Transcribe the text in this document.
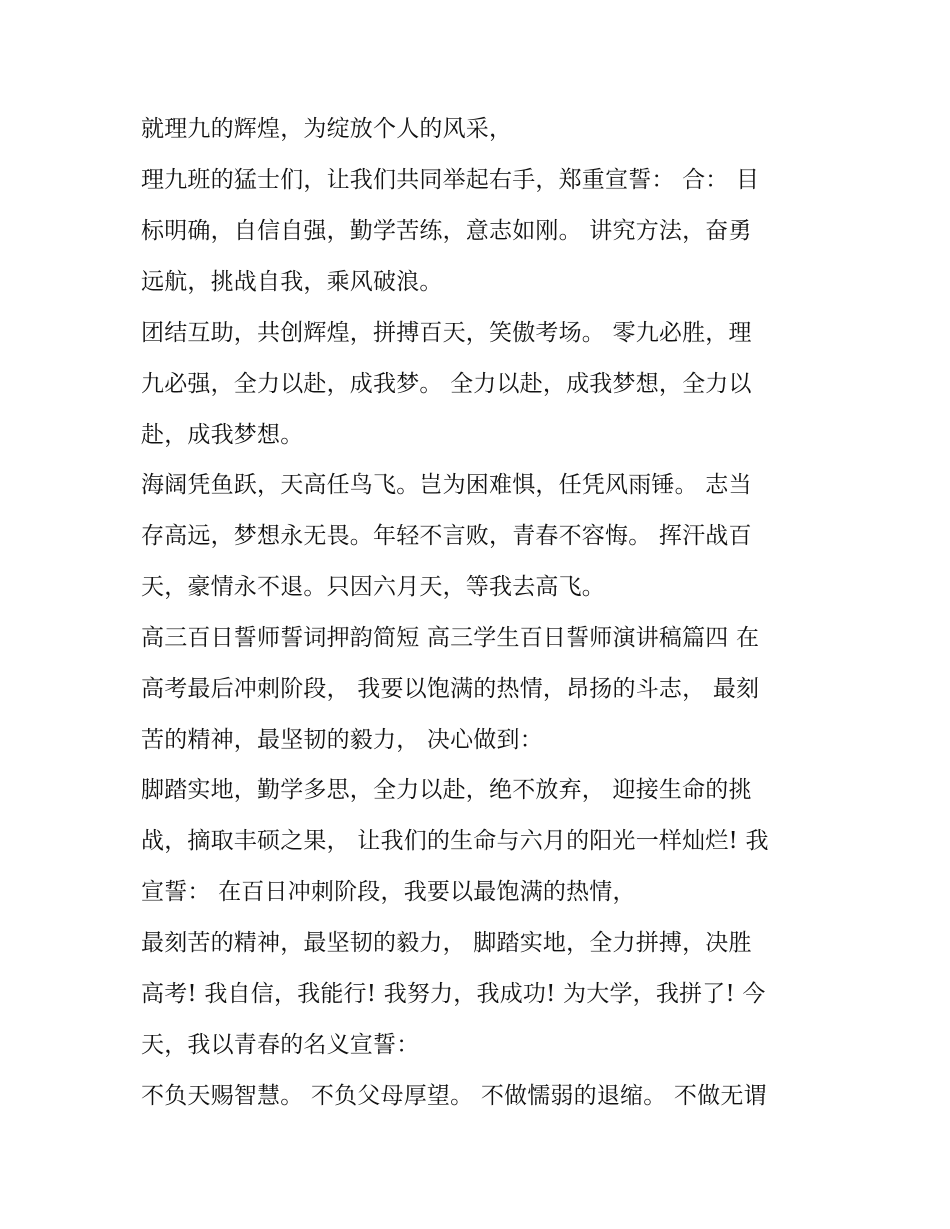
就理九的辉煌，为绽放个人的风采，
理九班的猛士们，让我们共同举起右手，郑重宣誓： 合： 目
标明确，自信自强，勤学苦练，意志如刚。 讲究方法，奋勇
远航，挑战自我，乘风破浪。
团结互助，共创辉煌，拼搏百天，笑傲考场。 零九必胜，理
九必强，全力以赴，成我梦。 全力以赴，成我梦想，全力以
赴，成我梦想。
海阔凭鱼跃，天高任鸟飞。岂为困难惧，任凭风雨锤。 志当
存高远，梦想永无畏。年轻不言败，青春不容悔。 挥汗战百
天，豪情永不退。只因六月天，等我去高飞。
高三百日誓师誓词押韵简短 高三学生百日誓师演讲稿篇四 在
高考最后冲刺阶段， 我要以饱满的热情，昂扬的斗志， 最刻
苦的精神，最坚韧的毅力， 决心做到：
脚踏实地，勤学多思，全力以赴，绝不放弃， 迎接生命的挑
战，摘取丰硕之果， 让我们的生命与六月的阳光一样灿烂! 我
宣誓： 在百日冲刺阶段，我要以最饱满的热情，
最刻苦的精神，最坚韧的毅力， 脚踏实地，全力拼搏，决胜
高考! 我自信，我能行! 我努力，我成功! 为大学，我拼了! 今
天，我以青春的名义宣誓：
不负天赐智慧。 不负父母厚望。 不做懦弱的退缩。 不做无谓
